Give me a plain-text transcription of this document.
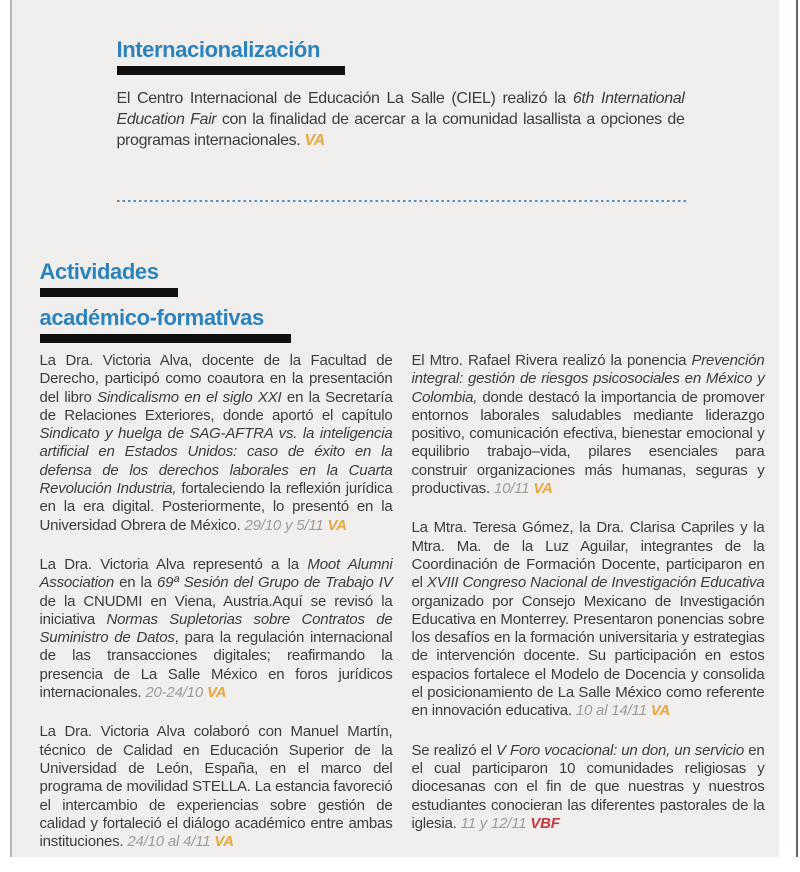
Internacionalización

El Centro Internacional de Educación La Salle (CIEL) realizó la 6th International Education Fair con la finalidad de acercar a la comunidad lasallista a opciones de programas internacionales. VA

Actividades
académico-formativas

La Dra. Victoria Alva, docente de la Facultad de Derecho, participó como coautora en la presentación del libro Sindicalismo en el siglo XXI en la Secretaría de Relaciones Exteriores, donde aportó el capítulo Sindicato y huelga de SAG-AFTRA vs. la inteligencia artificial en Estados Unidos: caso de éxito en la defensa de los derechos laborales en la Cuarta Revolución Industria, fortaleciendo la reflexión jurídica en la era digital. Posteriormente, lo presentó en la Universidad Obrera de México. 29/10 y 5/11 VA

La Dra. Victoria Alva representó a la Moot Alumni Association en la 69ª Sesión del Grupo de Trabajo IV de la CNUDMI en Viena, Austria.Aquí se revisó la iniciativa Normas Supletorias sobre Contratos de Suministro de Datos, para la regulación internacional de las transacciones digitales; reafirmando la presencia de La Salle México en foros jurídicos internacionales. 20-24/10 VA

La Dra. Victoria Alva colaboró con Manuel Martín, técnico de Calidad en Educación Superior de la Universidad de León, España, en el marco del programa de movilidad STELLA. La estancia favoreció el intercambio de experiencias sobre gestión de calidad y fortaleció el diálogo académico entre ambas instituciones. 24/10 al 4/11 VA

El Mtro. Rafael Rivera realizó la ponencia Prevención integral: gestión de riesgos psicosociales en México y Colombia, donde destacó la importancia de promover entornos laborales saludables mediante liderazgo positivo, comunicación efectiva, bienestar emocional y equilibrio trabajo–vida, pilares esenciales para construir organizaciones más humanas, seguras y productivas. 10/11 VA

La Mtra. Teresa Gómez, la Dra. Clarisa Capriles y la Mtra. Ma. de la Luz Aguilar, integrantes de la Coordinación de Formación Docente, participaron en el XVIII Congreso Nacional de Investigación Educativa organizado por Consejo Mexicano de Investigación Educativa en Monterrey. Presentaron ponencias sobre los desafíos en la formación universitaria y estrategias de intervención docente. Su participación en estos espacios fortalece el Modelo de Docencia y consolida el posicionamiento de La Salle México como referente en innovación educativa. 10 al 14/11 VA

Se realizó el V Foro vocacional: un don, un servicio en el cual participaron 10 comunidades religiosas y diocesanas con el fin de que nuestras y nuestros estudiantes conocieran las diferentes pastorales de la iglesia. 11 y 12/11 VBF
